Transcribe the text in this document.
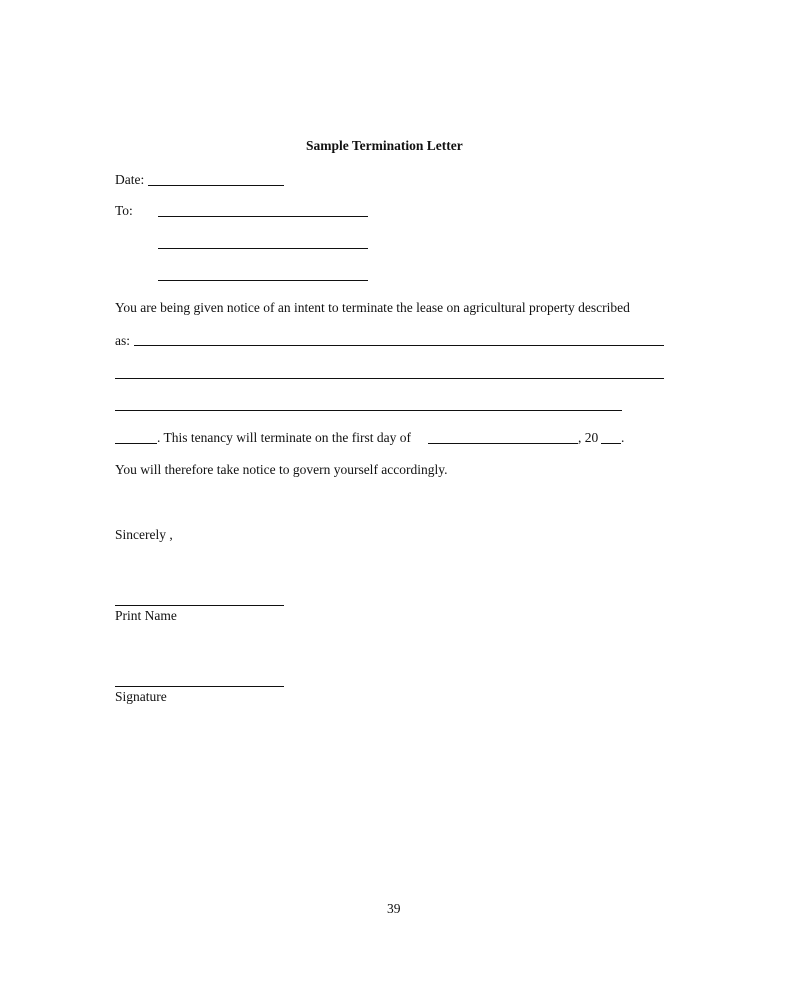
Sample Termination Letter
Date:
To:
You are being given notice of an intent to terminate the lease on agricultural property described
as:
. This tenancy will terminate on the first day of	, 20 .
You will therefore take notice to govern yourself accordingly.
Sincerely ,
Print Name
Signature
39
